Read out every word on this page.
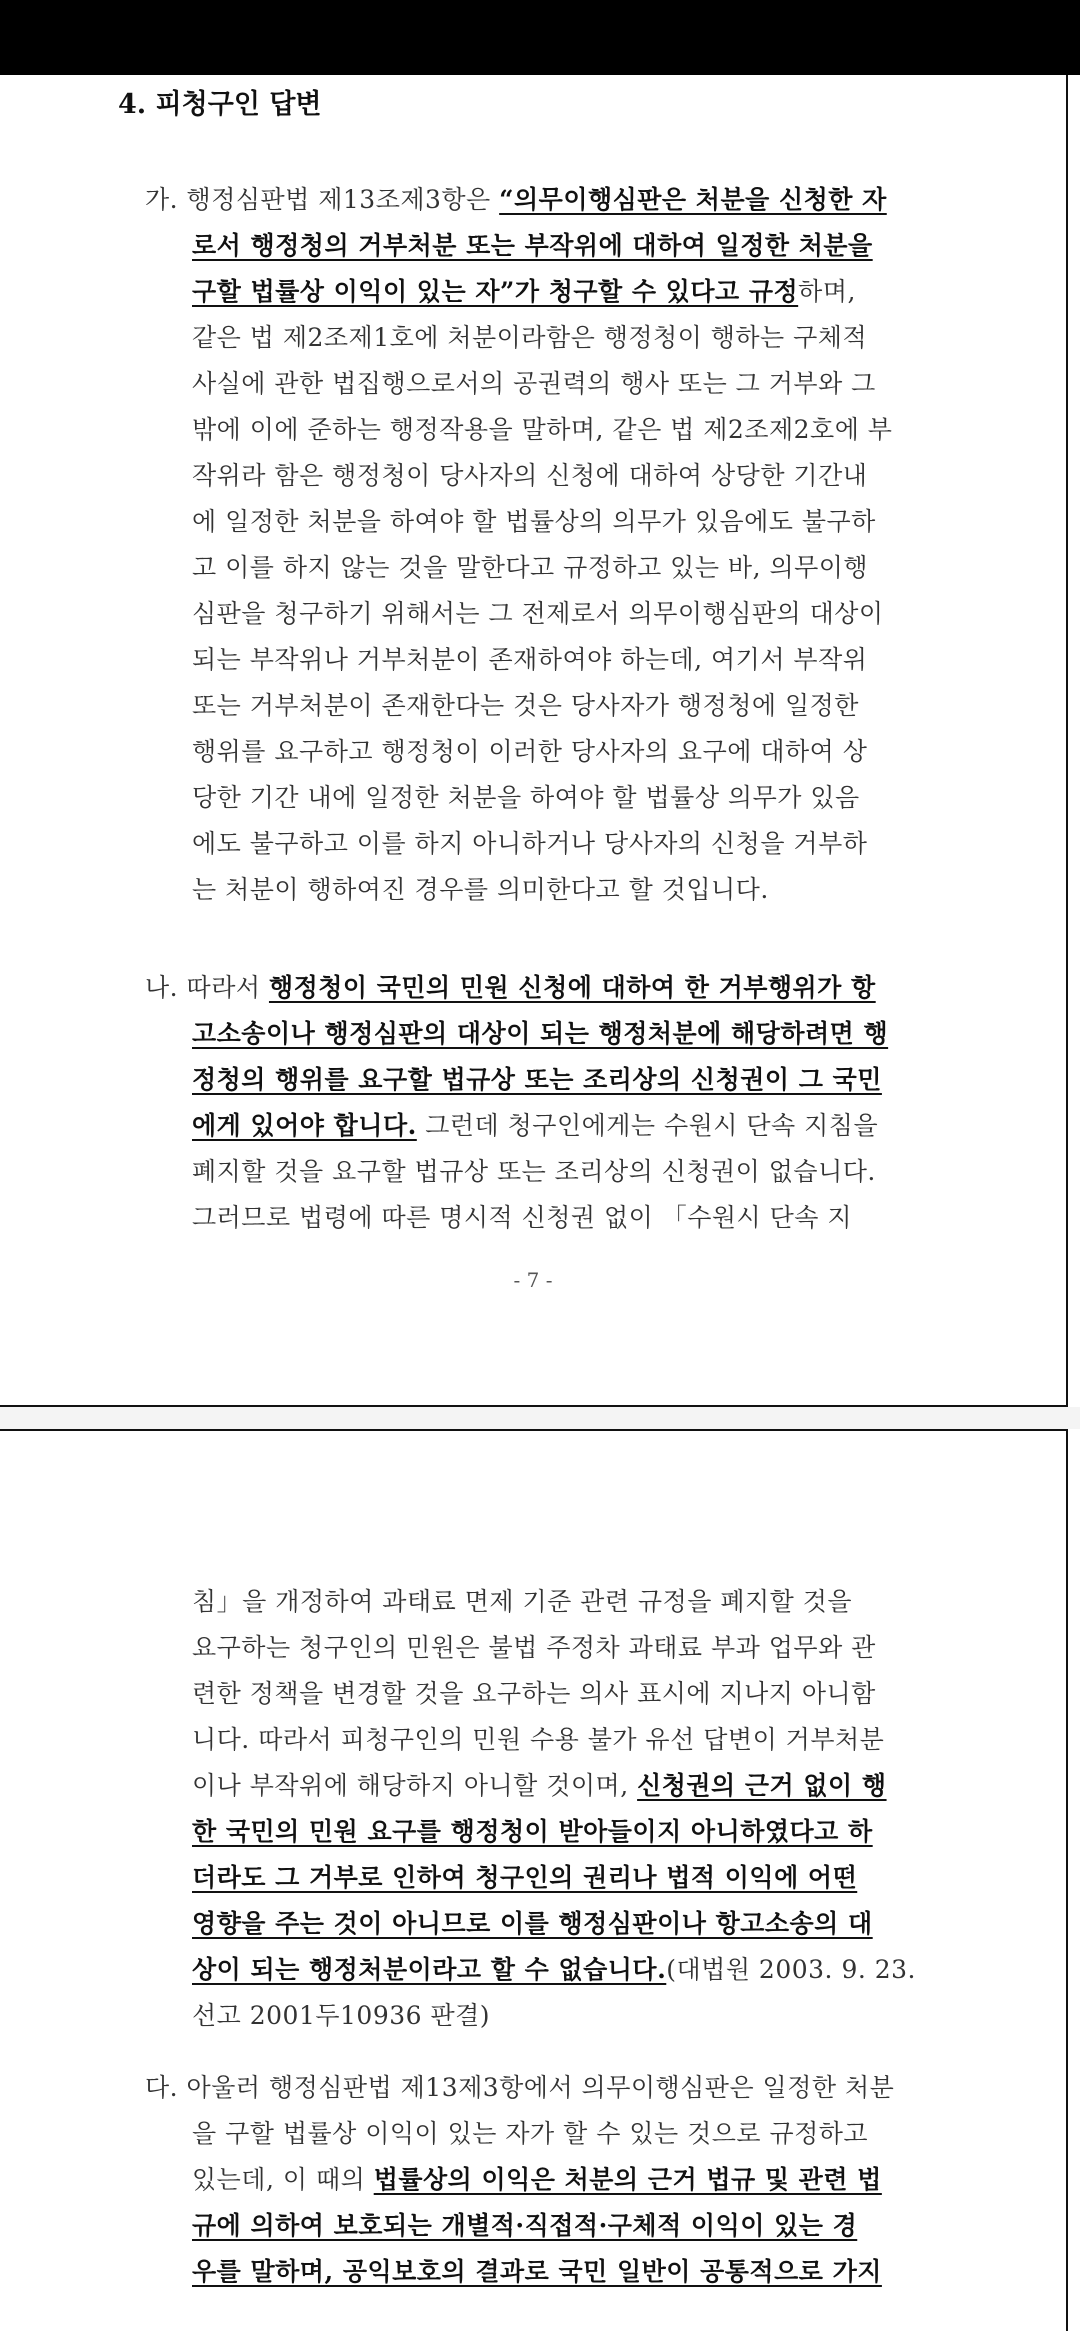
4. 피청구인 답변
가. 행정심판법 제13조제3항은 “의무이행심판은 처분을 신청한 자
로서 행정청의 거부처분 또는 부작위에 대하여 일정한 처분을
구할 법률상 이익이 있는 자”가 청구할 수 있다고 규정하며,
같은 법 제2조제1호에 처분이라함은 행정청이 행하는 구체적
사실에 관한 법집행으로서의 공권력의 행사 또는 그 거부와 그
밖에 이에 준하는 행정작용을 말하며, 같은 법 제2조제2호에 부
작위라 함은 행정청이 당사자의 신청에 대하여 상당한 기간내
에 일정한 처분을 하여야 할 법률상의 의무가 있음에도 불구하
고 이를 하지 않는 것을 말한다고 규정하고 있는 바, 의무이행
심판을 청구하기 위해서는 그 전제로서 의무이행심판의 대상이
되는 부작위나 거부처분이 존재하여야 하는데, 여기서 부작위
또는 거부처분이 존재한다는 것은 당사자가 행정청에 일정한
행위를 요구하고 행정청이 이러한 당사자의 요구에 대하여 상
당한 기간 내에 일정한 처분을 하여야 할 법률상 의무가 있음
에도 불구하고 이를 하지 아니하거나 당사자의 신청을 거부하
는 처분이 행하여진 경우를 의미한다고 할 것입니다.
나. 따라서 행정청이 국민의 민원 신청에 대하여 한 거부행위가 항
고소송이나 행정심판의 대상이 되는 행정처분에 해당하려면 행
정청의 행위를 요구할 법규상 또는 조리상의 신청권이 그 국민
에게 있어야 합니다. 그런데 청구인에게는 수원시 단속 지침을
폐지할 것을 요구할 법규상 또는 조리상의 신청권이 없습니다.
그러므로 법령에 따른 명시적 신청권 없이 「수원시 단속 지
- 7 -
침」을 개정하여 과태료 면제 기준 관련 규정을 폐지할 것을
요구하는 청구인의 민원은 불법 주정차 과태료 부과 업무와 관
련한 정책을 변경할 것을 요구하는 의사 표시에 지나지 아니함
니다. 따라서 피청구인의 민원 수용 불가 유선 답변이 거부처분
이나 부작위에 해당하지 아니할 것이며, 신청권의 근거 없이 행
한 국민의 민원 요구를 행정청이 받아들이지 아니하였다고 하
더라도 그 거부로 인하여 청구인의 권리나 법적 이익에 어떤
영향을 주는 것이 아니므로 이를 행정심판이나 항고소송의 대
상이 되는 행정처분이라고 할 수 없습니다.(대법원 2003. 9. 23.
선고 2001두10936 판결)
다. 아울러 행정심판법 제13제3항에서 의무이행심판은 일정한 처분
을 구할 법률상 이익이 있는 자가 할 수 있는 것으로 규정하고
있는데, 이 때의 법률상의 이익은 처분의 근거 법규 및 관련 법
규에 의하여 보호되는 개별적·직접적·구체적 이익이 있는 경
우를 말하며, 공익보호의 결과로 국민 일반이 공통적으로 가지
